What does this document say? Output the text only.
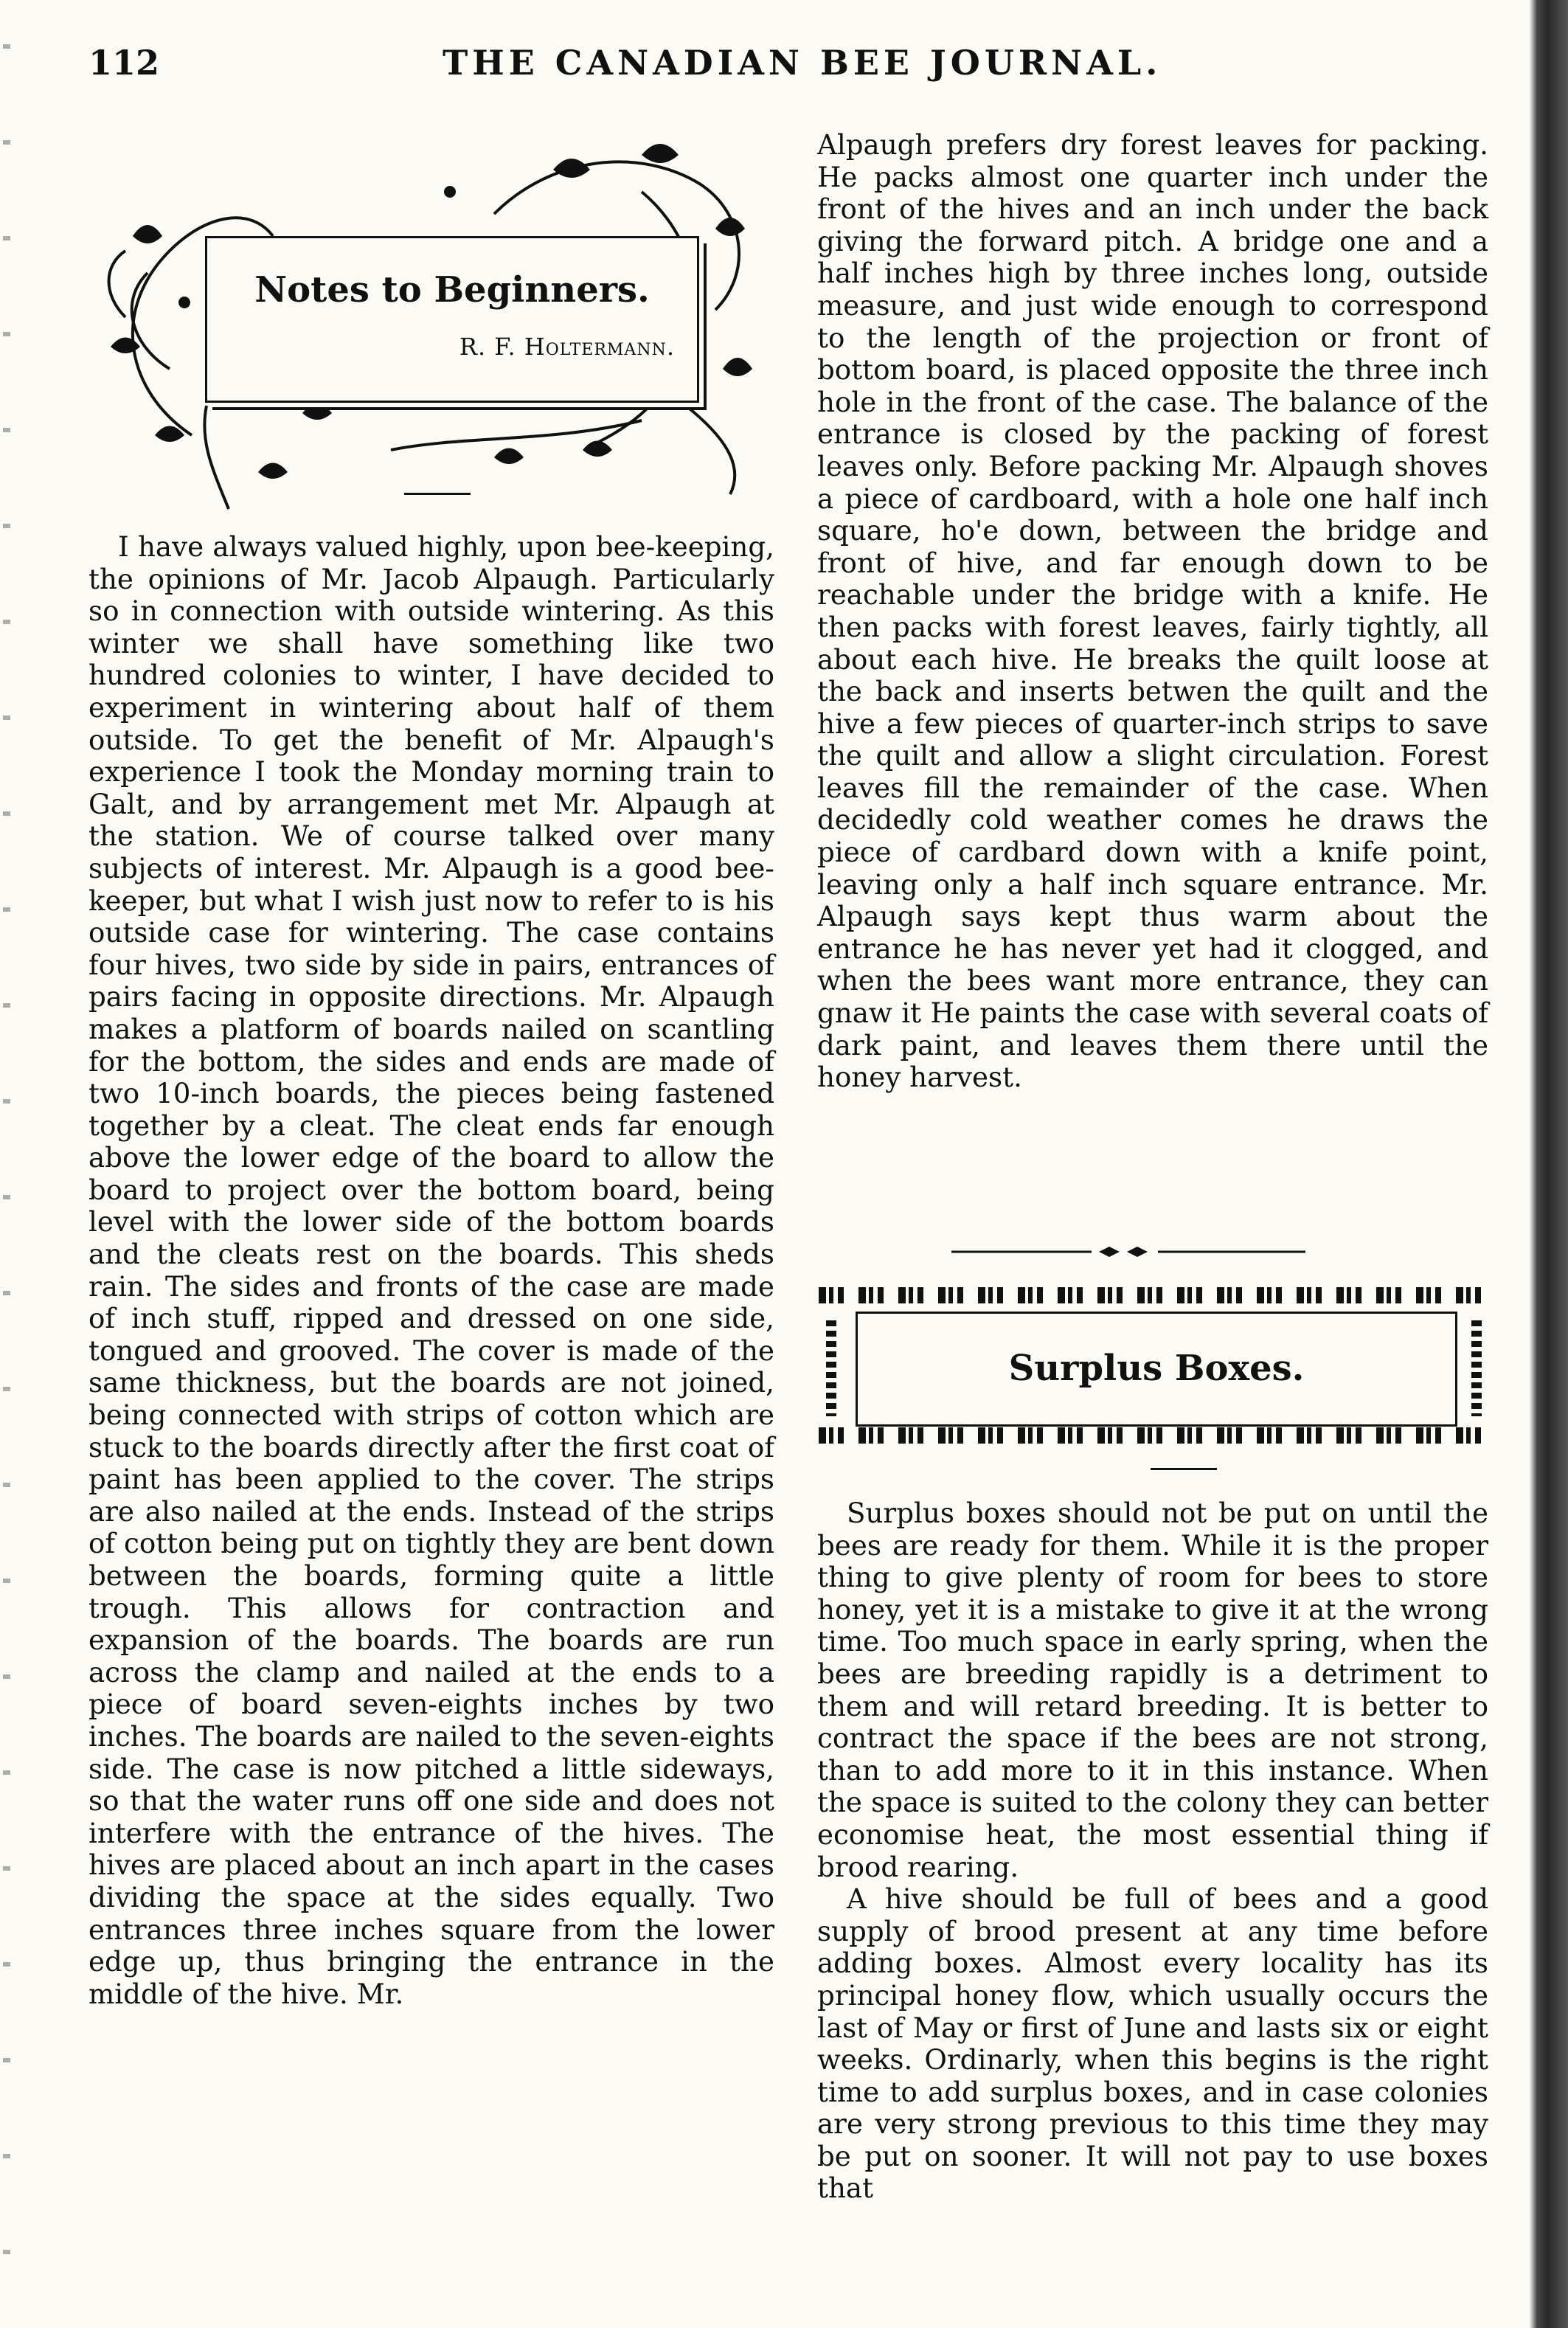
112	THE CANADIAN BEE JOURNAL.
Notes to Beginners.
R. F. Holtermann.

I have always valued highly, upon bee-keeping, the opinions of Mr. Jacob Alpaugh. Particularly so in connection with outside wintering. As this winter we shall have something like two hundred colonies to winter, I have decided to experiment in wintering about half of them outside. To get the benefit of Mr. Alpaugh's experience I took the Monday morning train to Galt, and by arrangement met Mr. Alpaugh at the station. We of course talked over many subjects of interest. Mr. Alpaugh is a good bee-keeper, but what I wish just now to refer to is his outside case for wintering. The case contains four hives, two side by side in pairs, entrances of pairs facing in opposite directions. Mr. Alpaugh makes a platform of boards nailed on scantling for the bottom, the sides and ends are made of two 10-inch boards, the pieces being fastened together by a cleat. The cleat ends far enough above the lower edge of the board to allow the board to project over the bottom board, being level with the lower side of the bottom boards and the cleats rest on the boards. This sheds rain. The sides and fronts of the case are made of inch stuff, ripped and dressed on one side, tongued and grooved. The cover is made of the same thickness, but the boards are not joined, being connected with strips of cotton which are stuck to the boards directly after the first coat of paint has been applied to the cover. The strips are also nailed at the ends. Instead of the strips of cotton being put on tightly they are bent down between the boards, forming quite a little trough. This allows for contraction and expansion of the boards. The boards are run across the clamp and nailed at the ends to a piece of board seven-eights inches by two inches. The boards are nailed to the seven-eights side. The case is now pitched a little sideways, so that the water runs off one side and does not interfere with the entrance of the hives. The hives are placed about an inch apart in the cases dividing the space at the sides equally. Two entrances three inches square from the lower edge up, thus bringing the entrance in the middle of the hive. Mr.

Alpaugh prefers dry forest leaves for packing. He packs almost one quarter inch under the front of the hives and an inch under the back giving the forward pitch. A bridge one and a half inches high by three inches long, outside measure, and just wide enough to correspond to the length of the projection or front of bottom board, is placed opposite the three inch hole in the front of the case. The balance of the entrance is closed by the packing of forest leaves only. Before packing Mr. Alpaugh shoves a piece of cardboard, with a hole one half inch square, ho'e down, between the bridge and front of hive, and far enough down to be reachable under the bridge with a knife. He then packs with forest leaves, fairly tightly, all about each hive. He breaks the quilt loose at the back and inserts betwen the quilt and the hive a few pieces of quarter-inch strips to save the quilt and allow a slight circulation. Forest leaves fill the remainder of the case. When decidedly cold weather comes he draws the piece of cardbard down with a knife point, leaving only a half inch square entrance. Mr. Alpaugh says kept thus warm about the entrance he has never yet had it clogged, and when the bees want more entrance, they can gnaw it He paints the case with several coats of dark paint, and leaves them there until the honey harvest.

Surplus Boxes.

Surplus boxes should not be put on until the bees are ready for them. While it is the proper thing to give plenty of room for bees to store honey, yet it is a mistake to give it at the wrong time. Too much space in early spring, when the bees are breeding rapidly is a detriment to them and will retard breeding. It is better to contract the space if the bees are not strong, than to add more to it in this instance. When the space is suited to the colony they can better economise heat, the most essential thing if brood rearing.

A hive should be full of bees and a good supply of brood present at any time before adding boxes. Almost every locality has its principal honey flow, which usually occurs the last of May or first of June and lasts six or eight weeks. Ordinarly, when this begins is the right time to add surplus boxes, and in case colonies are very strong previous to this time they may be put on sooner. It will not pay to use boxes that
